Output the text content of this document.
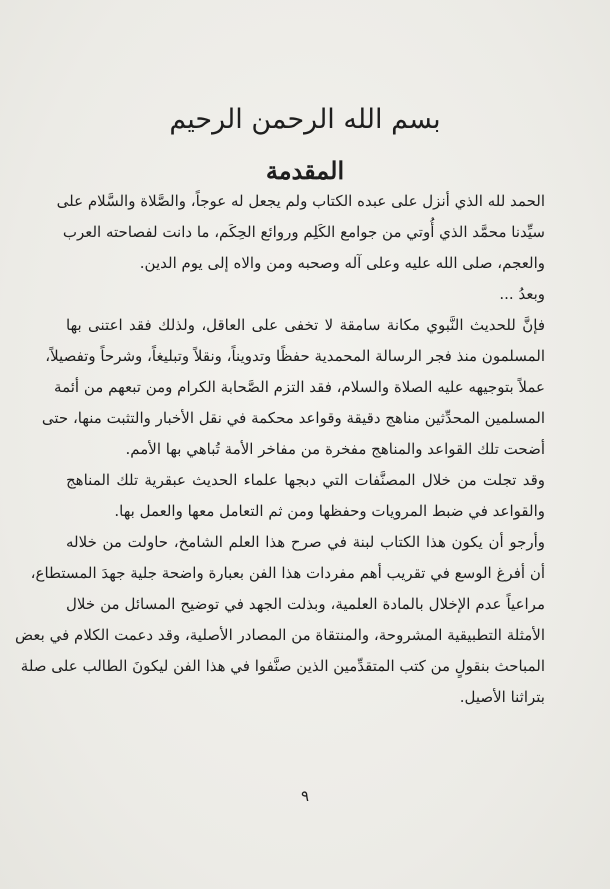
بسم الله الرحمن الرحيم
المقدمة
الحمد لله الذي أنزل على عبده الكتاب ولم يجعل له عوجاً، والصَّلاة والسَّلام على
سيِّدنا محمَّد الذي أُوتي من جوامع الكَلِم وروائع الحِكَم، ما دانت لفصاحته العرب
والعجم، صلى الله عليه وعلى آله وصحبه ومن والاه إلى يوم الدين.
وبعدُ ...
فإنَّ للحديث النَّبوي مكانة سامقة لا تخفى على العاقل، ولذلك فقد اعتنى بها
المسلمون منذ فجر الرسالة المحمدية حفظًا وتدويناً، ونقلاً وتبليغاً، وشرحاً وتفصيلاً،
عملاً بتوجيهه عليه الصلاة والسلام، فقد التزم الصَّحابة الكرام ومن تبعهم من أئمة
المسلمين المحدِّثين مناهج دقيقة وقواعد محكمة في نقل الأخبار والتثبت منها، حتى
أضحت تلك القواعد والمناهج مفخرة من مفاخر الأمة تُباهي بها الأمم.
وقد تجلت من خلال المصنَّفات التي دبجها علماء الحديث عبقرية تلك المناهج
والقواعد في ضبط المرويات وحفظها ومن ثم التعامل معها والعمل بها.
وأرجو أن يكون هذا الكتاب لبنة في صرح هذا العلم الشامخ، حاولت من خلاله
أن أفرغ الوسع في تقريب أهم مفردات هذا الفن بعبارة واضحة جلية جهدَ المستطاع،
مراعياً عدم الإخلال بالمادة العلمية، وبذلت الجهد في توضيح المسائل من خلال
الأمثلة التطبيقية المشروحة، والمنتقاة من المصادر الأصلية، وقد دعمت الكلام في بعض
المباحث بنقولٍ من كتب المتقدِّمين الذين صنَّفوا في هذا الفن ليكونَ الطالب على صلة
بتراثنا الأصيل.
٩
